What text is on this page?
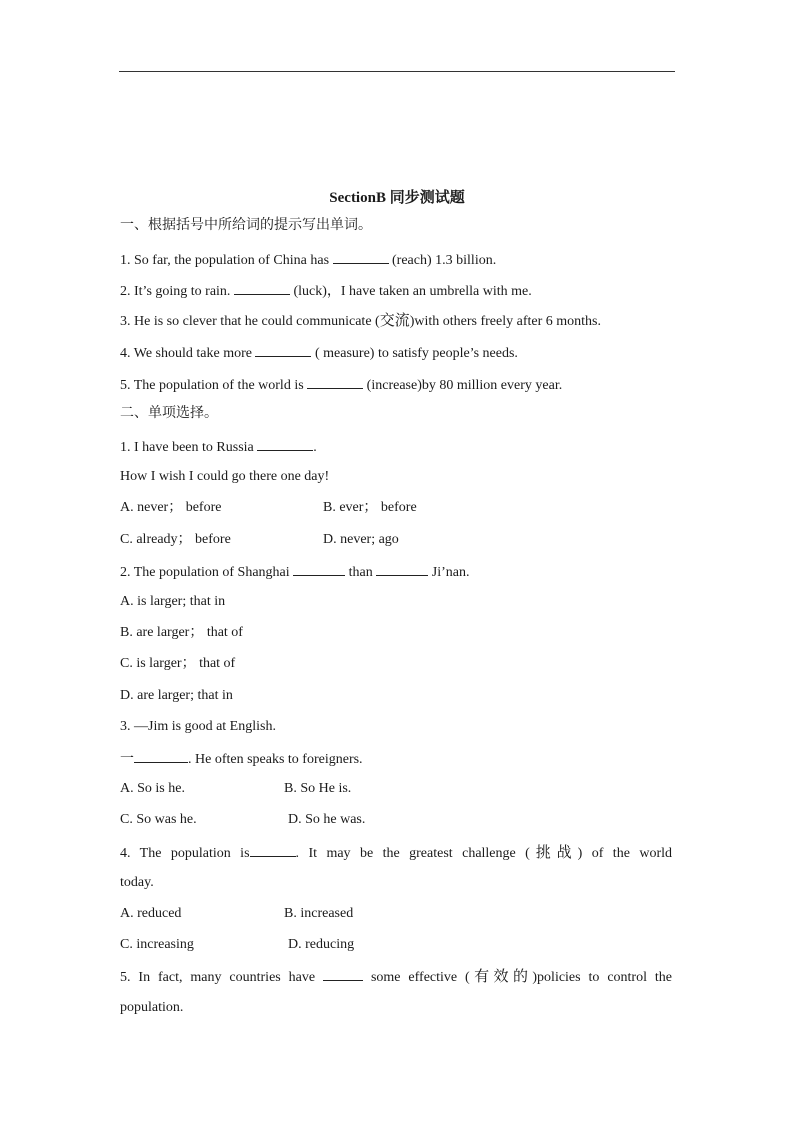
SectionB 同步测试题
一、根据括号中所给词的提示写出单词。
1. So far, the population of China has	(reach) 1.3 billion.
2. It’s going to rain.	(luck)，I have taken an umbrella with me.
3. He is so clever that he could communicate (交流)with others freely after 6 months.
4. We should take more	( measure) to satisfy people’s needs.
5. The population of the world is	(increase)by 80 million every year.
二、单项选择。
1. I have been to Russia	.
How I wish I could go there one day!
A. never； before	B. ever； before
C. already； before	D. never; ago
2. The population of Shanghai	than	Ji’nan.
A. is larger; that in
B. are larger； that of
C. is larger； that of
D. are larger; that in
3. —Jim is good at English.
一	. He often speaks to foreigners.
A. So is he.	B. So He is.
C. So was he.	D. So he was.
4. The population is	. It may be the greatest challenge (挑战) of the world
today.
A. reduced	B. increased
C. increasing	D. reducing
5. In fact, many countries have	some effective (有效的)policies to control the
population.
